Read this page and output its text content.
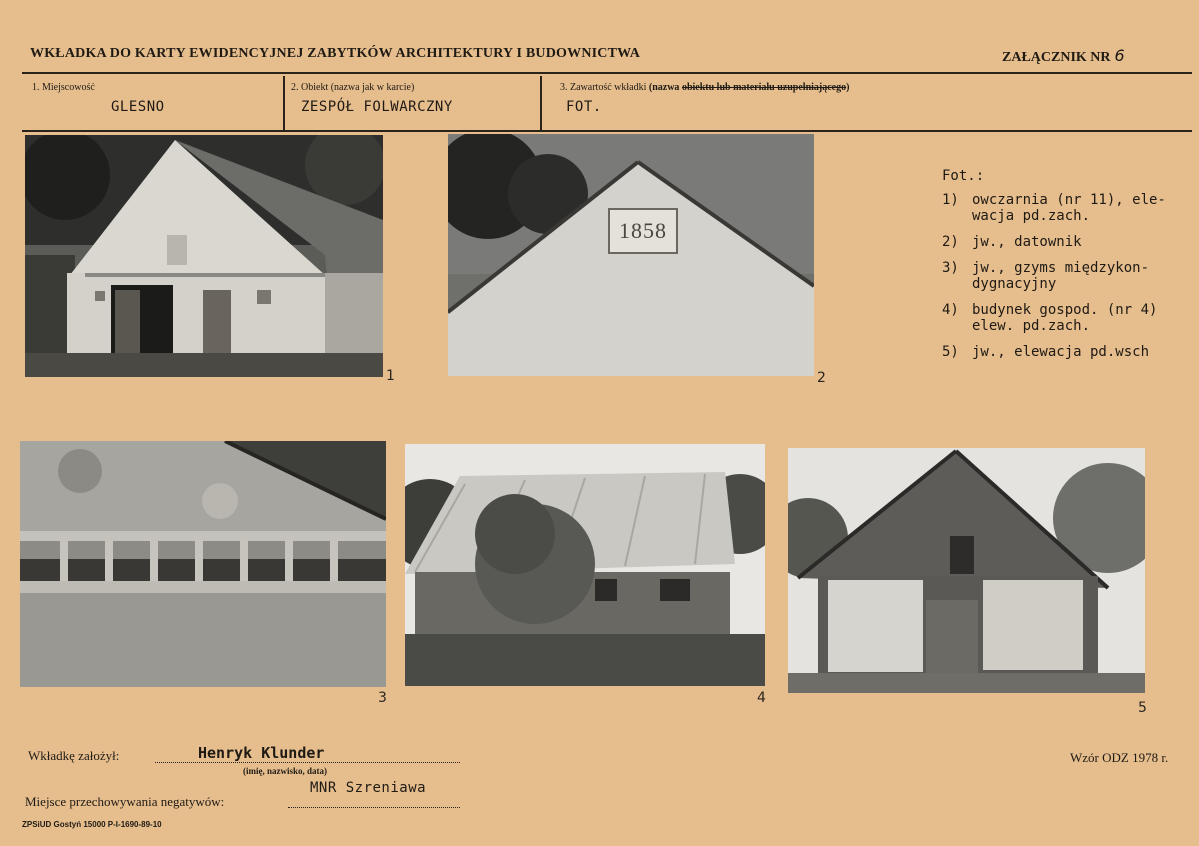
WKŁADKA DO KARTY EWIDENCYJNEJ ZABYTKÓW ARCHITEKTURY I BUDOWNICTWA	ZAŁĄCZNIK NR 6
1. Miejscowość
GLESNO
2. Obiekt (nazwa jak w karcie)
ZESPÓŁ FOLWARCZNY
3. Zawartość wkładki (nazwa obiektu lub materiału uzupełniającego)
FOT.
1
1858
2
3	4
5
Fot.:
1) owczarnia (nr 11), ele-
wacja pd.zach.
2) jw., datownik
3) jw., gzyms międzykon-
dygnacyjny
4) budynek gospod. (nr 4)
elew. pd.zach.
5) jw., elewacja pd.wsch
Wkładkę założył:	Henryk Klunder
(imię, nazwisko, data)
Miejsce przechowywania negatywów:
MNR Szreniawa
Wzór ODZ 1978 r.
ZPSiUD Gostyń 15000 P-I-1690-89-10
